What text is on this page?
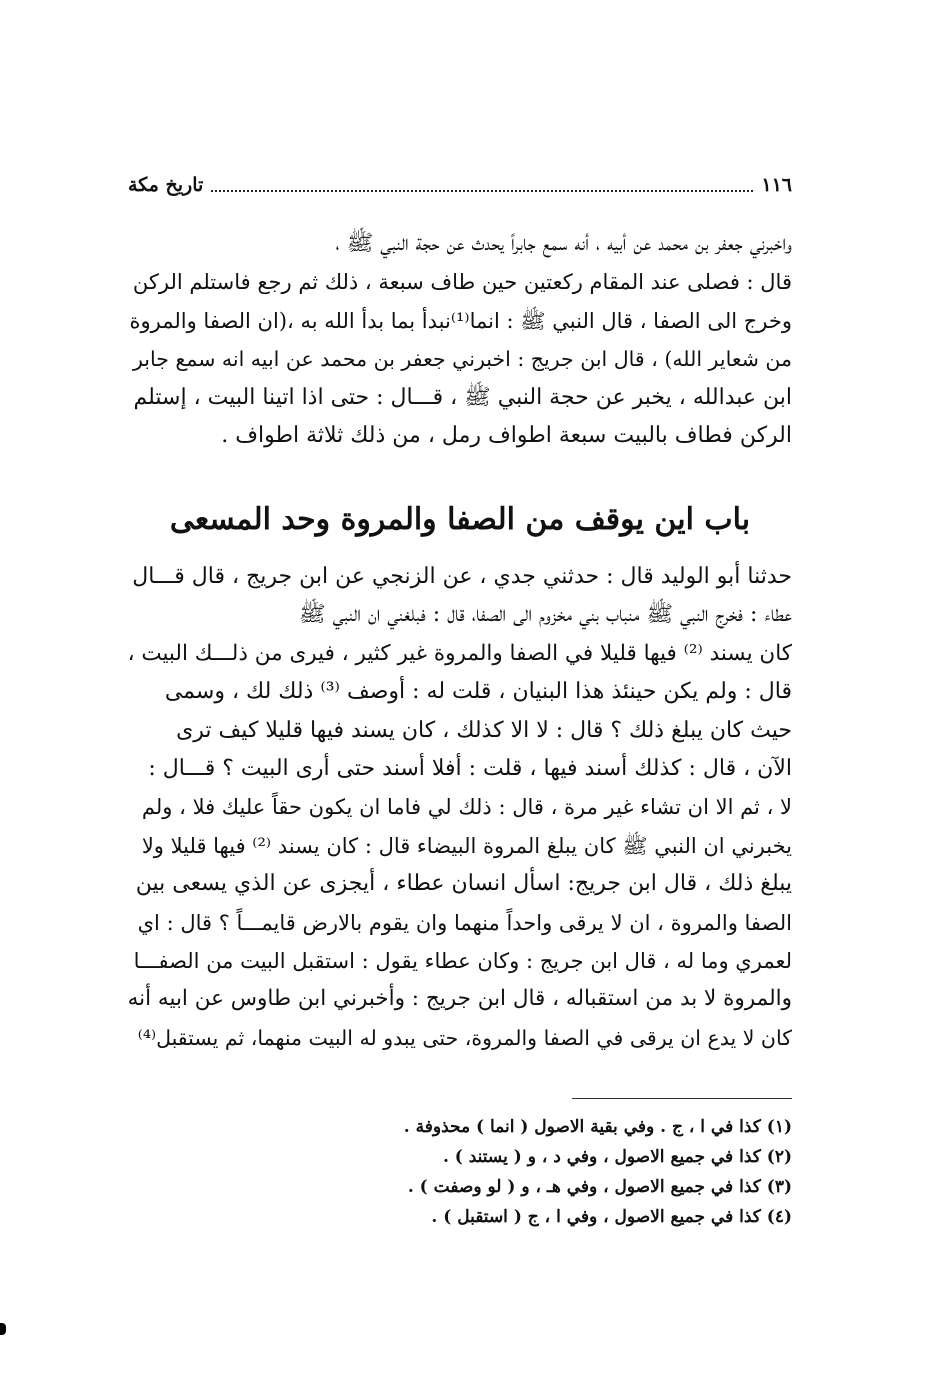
١١٦
تاريخ مكة
واخبرني جعفر بن محمد عن أبيه ، أنه سمع جابراً يحدث عن حجة النبي ﷺ ،
قال : فصلى عند المقام ركعتين حين طاف سبعة ، ذلك ثم رجع فاستلم الركن
وخرج الى الصفا ، قال النبي ﷺ : انما⁽¹⁾نبدأ بما بدأ الله به ،(ان الصفا والمروة
من شعاير الله) ، قال ابن جريج : اخبرني جعفر بن محمد عن ابيه انه سمع جابر
ابن عبدالله ، يخبر عن حجة النبي ﷺ ، قـــال : حتى اذا اتينا البيت ، إستلم
الركن فطاف بالبيت سبعة اطواف رمل ، من ذلك ثلاثة اطواف .
باب اين يوقف من الصفا والمروة وحد المسعى
حدثنا أبو الوليد قال : حدثني جدي ، عن الزنجي عن ابن جريج ، قال قـــال
عطاء : فخرج النبي ﷺ منباب بني مخزوم الى الصفا، قال : فبلغني ان النبي ﷺ
كان يسند ⁽²⁾ فيها قليلا في الصفا والمروة غير كثير ، فيرى من ذلـــك البيت ،
قال : ولم يكن حينئذ هذا البنيان ، قلت له : أوصف ⁽³⁾ ذلك لك ، وسمى
حيث كان يبلغ ذلك ؟ قال : لا الا كذلك ، كان يسند فيها قليلا كيف ترى
الآن ، قال : كذلك أسند فيها ، قلت : أفلا أسند حتى أرى البيت ؟ قـــال :
لا ، ثم الا ان تشاء غير مرة ، قال : ذلك لي فاما ان يكون حقاً عليك فلا ، ولم
يخبرني ان النبي ﷺ كان يبلغ المروة البيضاء قال : كان يسند ⁽²⁾ فيها قليلا ولا
يبلغ ذلك ، قال ابن جريج: اسأل انسان عطاء ، أيجزى عن الذي يسعى بين
الصفا والمروة ، ان لا يرقى واحداً منهما وان يقوم بالارض قايمـــاً ؟ قال : اي
لعمري وما له ، قال ابن جريج : وكان عطاء يقول : استقبل البيت من الصفـــا
والمروة لا بد من استقباله ، قال ابن جريج : وأخبرني ابن طاوس عن ابيه أنه
كان لا يدع ان يرقى في الصفا والمروة، حتى يبدو له البيت منهما، ثم يستقبل⁽⁴⁾
(١) كذا في ا ، ج . وفي بقية الاصول ( انما ) محذوفة .
(٢) كذا في جميع الاصول ، وفي د ، و ( يستند ) .
(٣) كذا في جميع الاصول ، وفي هـ ، و ( لو وصفت ) .
(٤) كذا في جميع الاصول ، وفي ا ، ج ( استقبل ) .
